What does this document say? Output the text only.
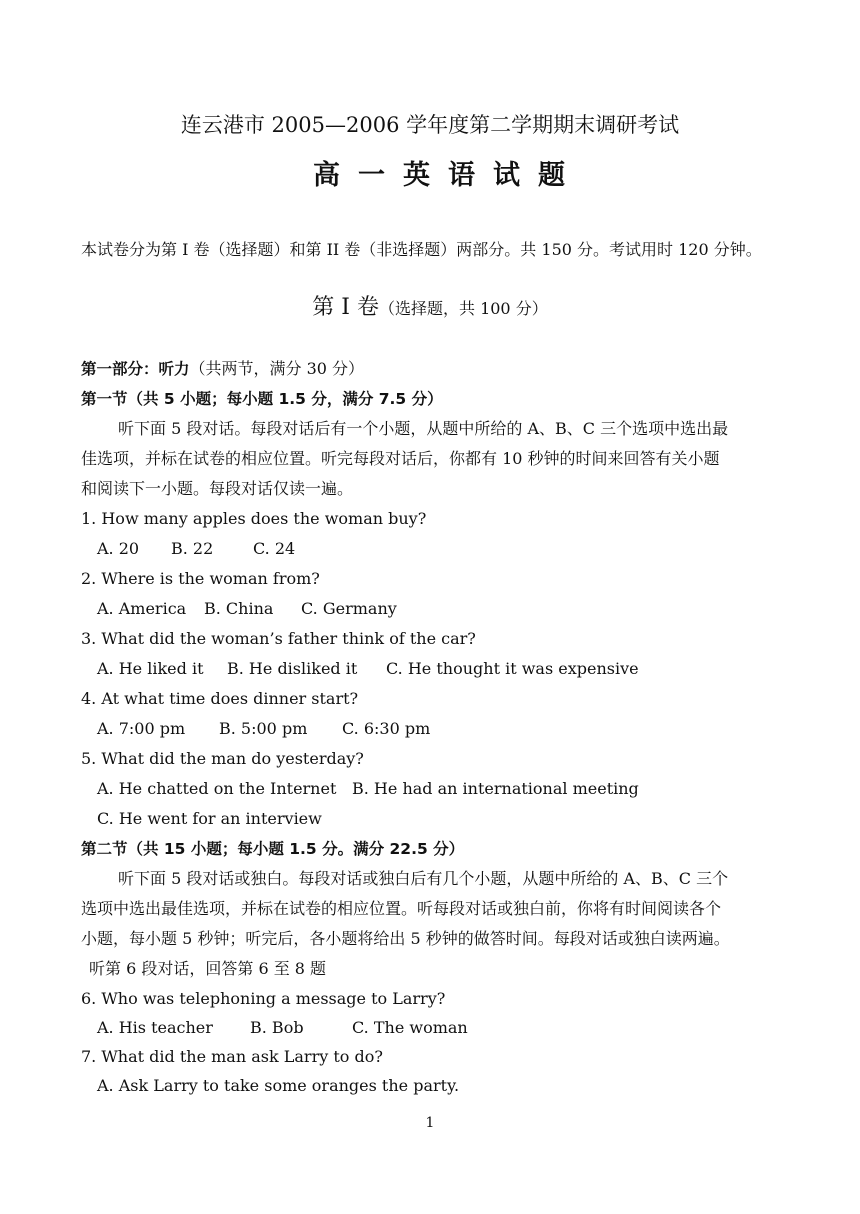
连云港市 2005—2006 学年度第二学期期末调研考试
高一英语试题
本试卷分为第 I 卷（选择题）和第 II 卷（非选择题）两部分。共 150 分。考试用时 120 分钟。
第 I 卷（选择题，共 100 分）
第一部分：听力（共两节，满分 30 分）
第一节（共 5 小题；每小题 1.5 分，满分 7.5 分）
听下面 5 段对话。每段对话后有一个小题，从题中所给的 A、B、C 三个选项中选出最
佳选项，并标在试卷的相应位置。听完每段对话后，你都有 10 秒钟的时间来回答有关小题
和阅读下一小题。每段对话仅读一遍。
1. How many apples does the woman buy?
A. 20 B. 22 C. 24
2. Where is the woman from?
A. America B. China C. Germany
3. What did the woman’s father think of the car?
A. He liked it B. He disliked it C. He thought it was expensive
4. At what time does dinner start?
A. 7:00 pm B. 5:00 pm C. 6:30 pm
5. What did the man do yesterday?
A. He chatted on the Internet B. He had an international meeting
C. He went for an interview
第二节（共 15 小题；每小题 1.5 分。满分 22.5 分）
听下面 5 段对话或独白。每段对话或独白后有几个小题，从题中所给的 A、B、C 三个
选项中选出最佳选项，并标在试卷的相应位置。听每段对话或独白前，你将有时间阅读各个
小题，每小题 5 秒钟；听完后，各小题将给出 5 秒钟的做答时间。每段对话或独白读两遍。
听第 6 段对话，回答第 6 至 8 题
6. Who was telephoning a message to Larry?
A. His teacher B. Bob	C. The woman
7. What did the man ask Larry to do?
A. Ask Larry to take some oranges the party.
1
